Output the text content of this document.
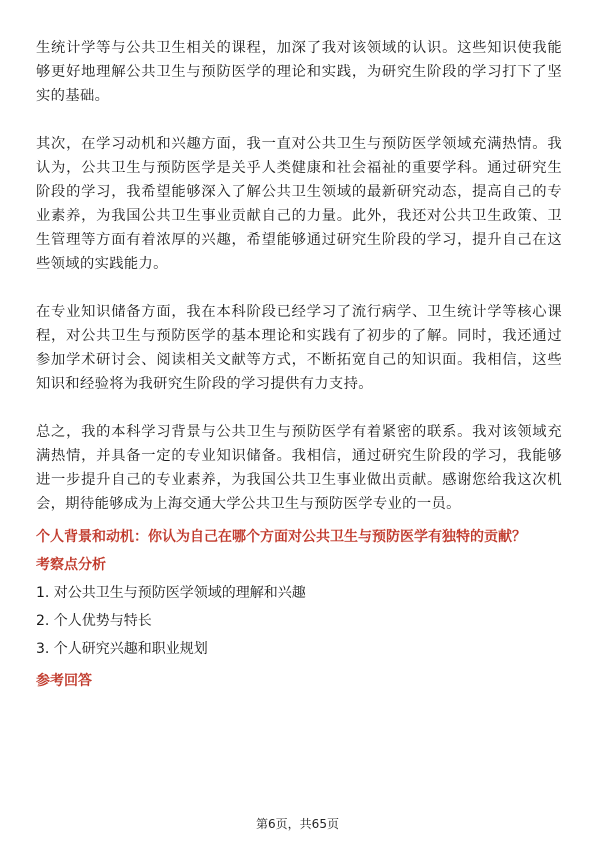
生统计学等与公共卫生相关的课程，加深了我对该领域的认识。这些知识使我能够更好地理解公共卫生与预防医学的理论和实践，为研究生阶段的学习打下了坚实的基础。

其次，在学习动机和兴趣方面，我一直对公共卫生与预防医学领域充满热情。我认为，公共卫生与预防医学是关乎人类健康和社会福祉的重要学科。通过研究生阶段的学习，我希望能够深入了解公共卫生领域的最新研究动态，提高自己的专业素养，为我国公共卫生事业贡献自己的力量。此外，我还对公共卫生政策、卫生管理等方面有着浓厚的兴趣，希望能够通过研究生阶段的学习，提升自己在这些领域的实践能力。

在专业知识储备方面，我在本科阶段已经学习了流行病学、卫生统计学等核心课程，对公共卫生与预防医学的基本理论和实践有了初步的了解。同时，我还通过参加学术研讨会、阅读相关文献等方式，不断拓宽自己的知识面。我相信，这些知识和经验将为我研究生阶段的学习提供有力支持。

总之，我的本科学习背景与公共卫生与预防医学有着紧密的联系。我对该领域充满热情，并具备一定的专业知识储备。我相信，通过研究生阶段的学习，我能够进一步提升自己的专业素养，为我国公共卫生事业做出贡献。感谢您给我这次机会，期待能够成为上海交通大学公共卫生与预防医学专业的一员。

个人背景和动机：你认为自己在哪个方面对公共卫生与预防医学有独特的贡献？
考察点分析
1. 对公共卫生与预防医学领域的理解和兴趣
2. 个人优势与特长
3. 个人研究兴趣和职业规划
参考回答
第6页，共65页
